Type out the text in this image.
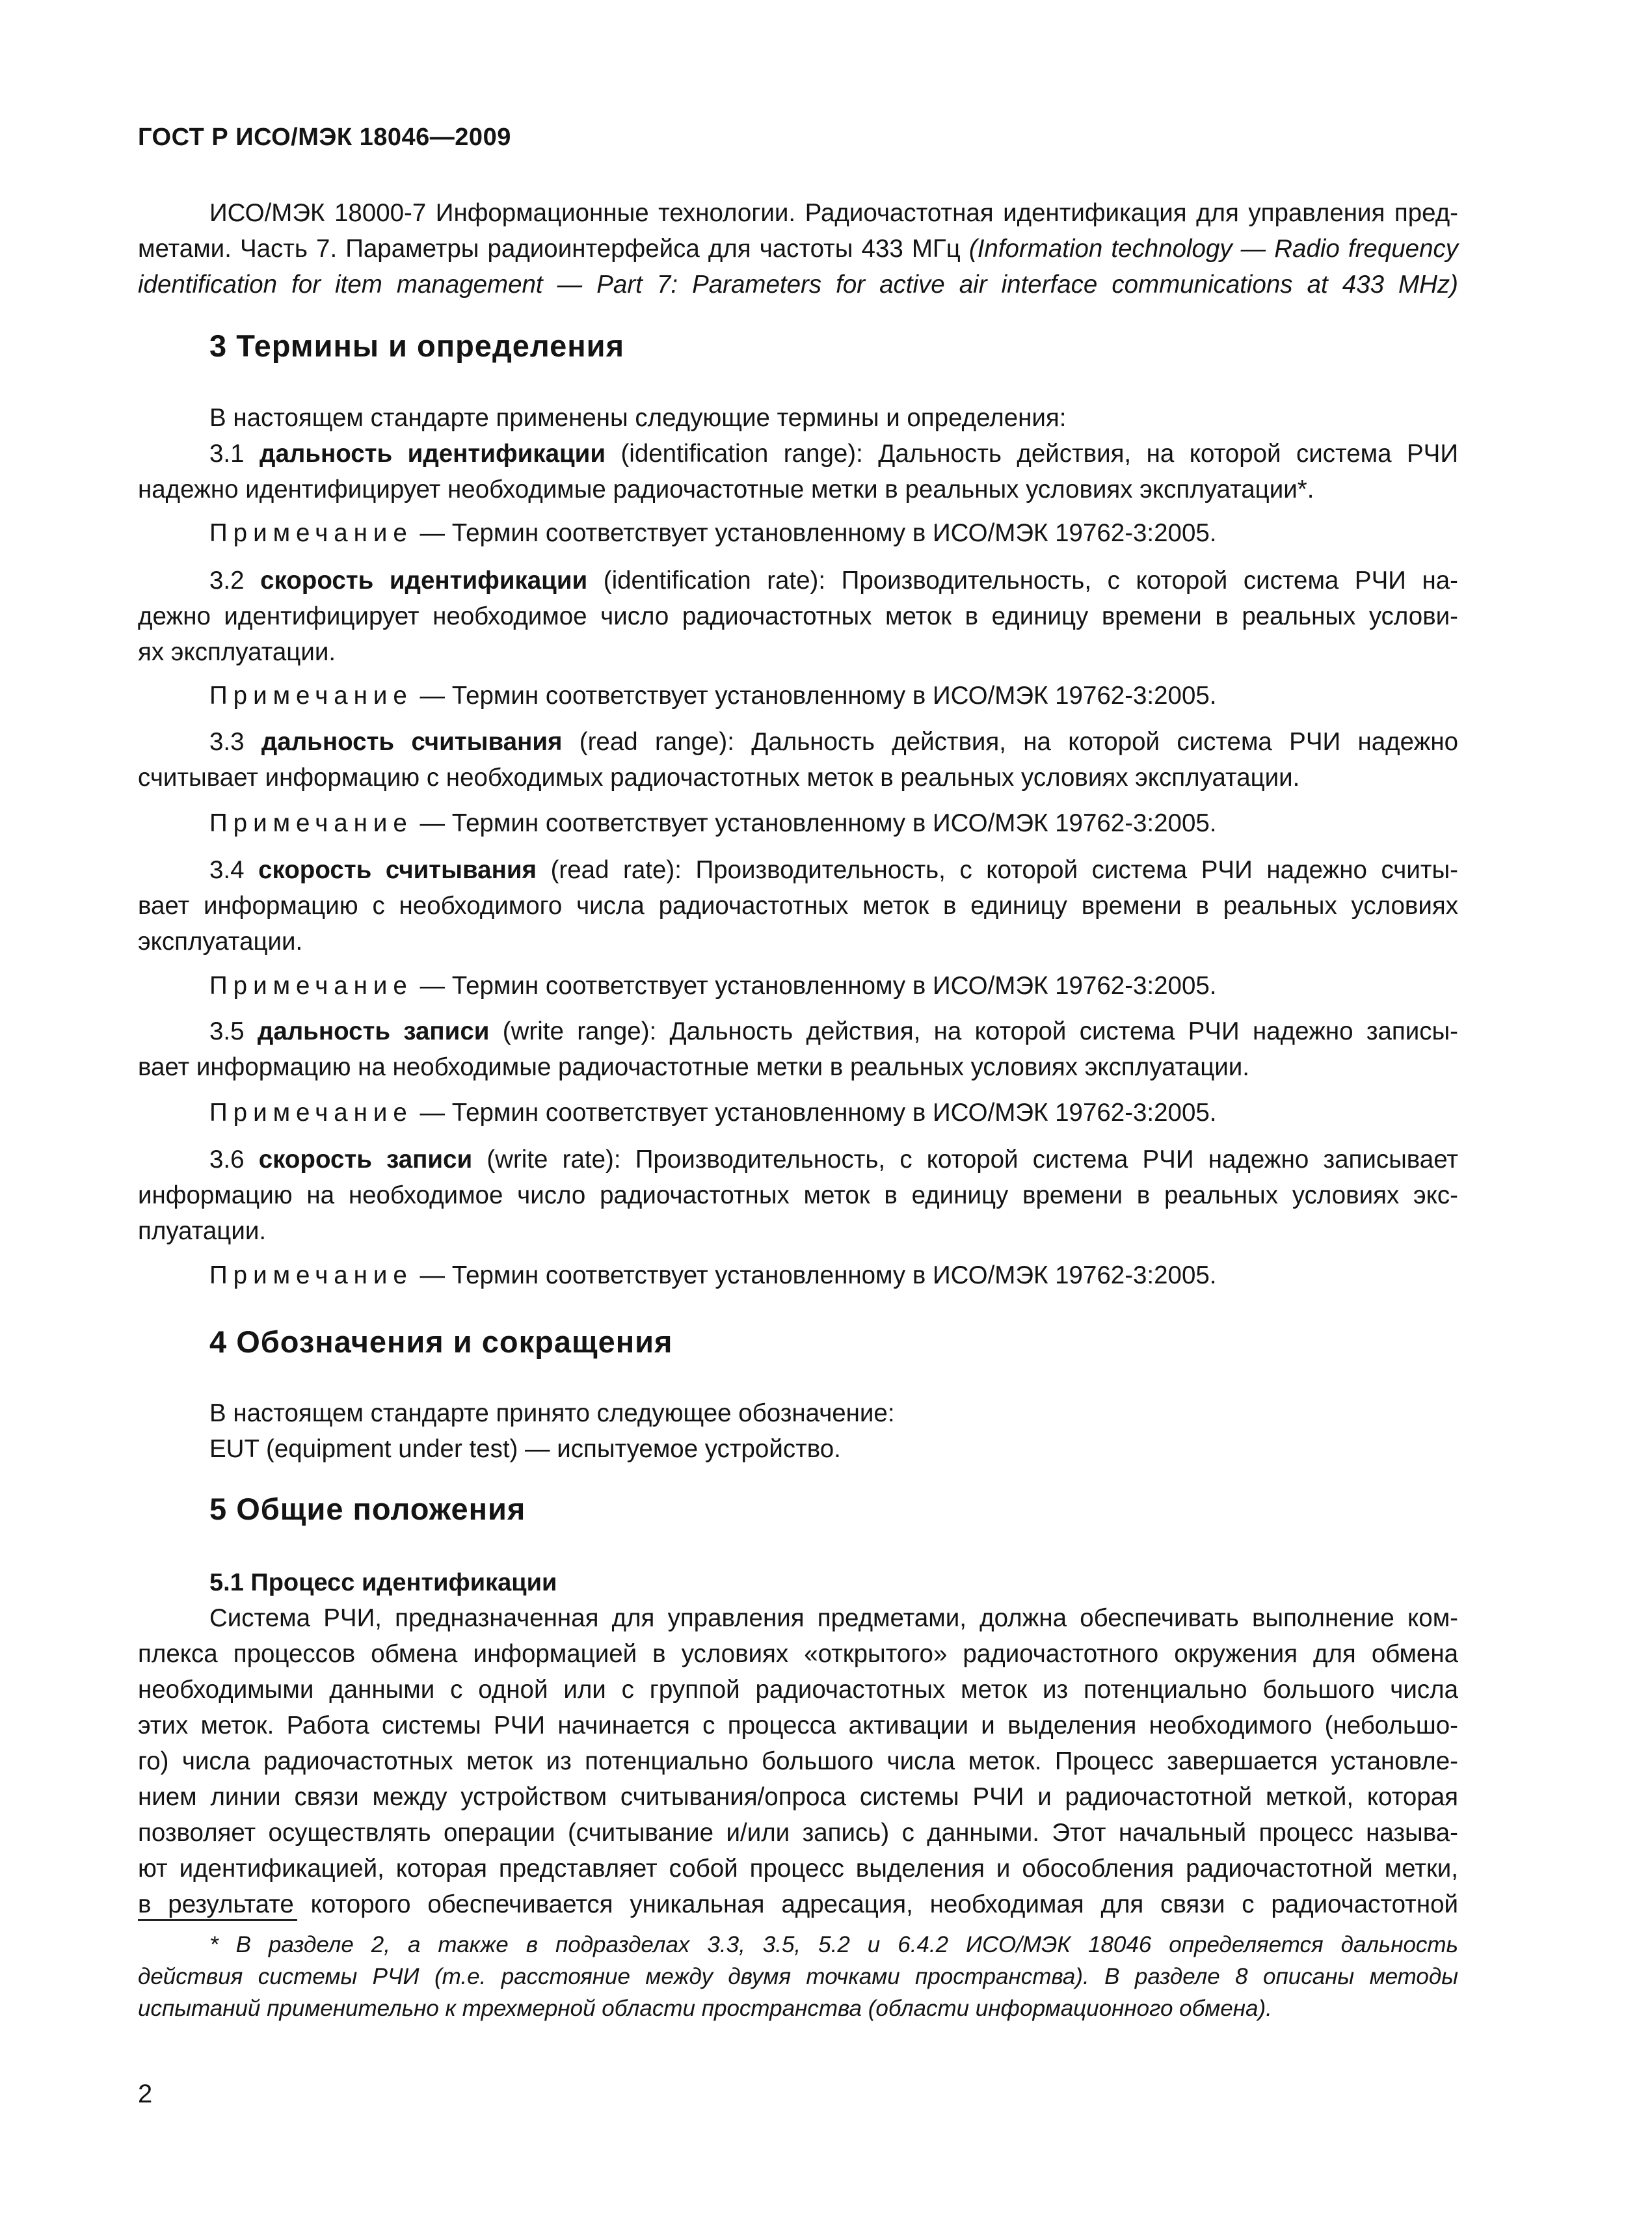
ГОСТ Р ИСО/МЭК 18046—2009
ИСО/МЭК 18000-7 Информационные технологии. Радиочастотная идентификация для управления пред-
метами. Часть 7. Параметры радиоинтерфейса для частоты 433 МГц (Information technology — Radio frequency
identification for item management — Part 7: Parameters for active air interface communications at 433 MHz)
3 Термины и определения
В настоящем стандарте применены следующие термины и определения:
3.1 дальность идентификации (identification range): Дальность действия, на которой система РЧИ
надежно идентифицирует необходимые радиочастотные метки в реальных условиях эксплуатации*.
Примечание — Термин соответствует установленному в ИСО/МЭК 19762-3:2005.
3.2 скорость идентификации (identification rate): Производительность, с которой система РЧИ на-
дежно идентифицирует необходимое число радиочастотных меток в единицу времени в реальных услови-
ях эксплуатации.
Примечание — Термин соответствует установленному в ИСО/МЭК 19762-3:2005.
3.3 дальность считывания (read range): Дальность действия, на которой система РЧИ надежно
считывает информацию с необходимых радиочастотных меток в реальных условиях эксплуатации.
Примечание — Термин соответствует установленному в ИСО/МЭК 19762-3:2005.
3.4 скорость считывания (read rate): Производительность, с которой система РЧИ надежно считы-
вает информацию с необходимого числа радиочастотных меток в единицу времени в реальных условиях
эксплуатации.
Примечание — Термин соответствует установленному в ИСО/МЭК 19762-3:2005.
3.5 дальность записи (write range): Дальность действия, на которой система РЧИ надежно записы-
вает информацию на необходимые радиочастотные метки в реальных условиях эксплуатации.
Примечание — Термин соответствует установленному в ИСО/МЭК 19762-3:2005.
3.6 скорость записи (write rate): Производительность, с которой система РЧИ надежно записывает
информацию на необходимое число радиочастотных меток в единицу времени в реальных условиях экс-
плуатации.
Примечание — Термин соответствует установленному в ИСО/МЭК 19762-3:2005.
4 Обозначения и сокращения
В настоящем стандарте принято следующее обозначение:
EUT (equipment under test) — испытуемое устройство.
5 Общие положения
5.1 Процесс идентификации
Система РЧИ, предназначенная для управления предметами, должна обеспечивать выполнение ком-
плекса процессов обмена информацией в условиях «открытого» радиочастотного окружения для обмена
необходимыми данными с одной или с группой радиочастотных меток из потенциально большого числа
этих меток. Работа системы РЧИ начинается с процесса активации и выделения необходимого (небольшо-
го) числа радиочастотных меток из потенциально большого числа меток. Процесс завершается установле-
нием линии связи между устройством считывания/опроса системы РЧИ и радиочастотной меткой, которая
позволяет осуществлять операции (считывание и/или запись) с данными. Этот начальный процесс называ-
ют идентификацией, которая представляет собой процесс выделения и обособления радиочастотной метки,
в результате которого обеспечивается уникальная адресация, необходимая для связи с радиочастотной
* В разделе 2, а также в подразделах 3.3, 3.5, 5.2 и 6.4.2 ИСО/МЭК 18046 определяется дальность
действия системы РЧИ (т.е. расстояние между двумя точками пространства). В разделе 8 описаны методы
испытаний применительно к трехмерной области пространства (области информационного обмена).
2
